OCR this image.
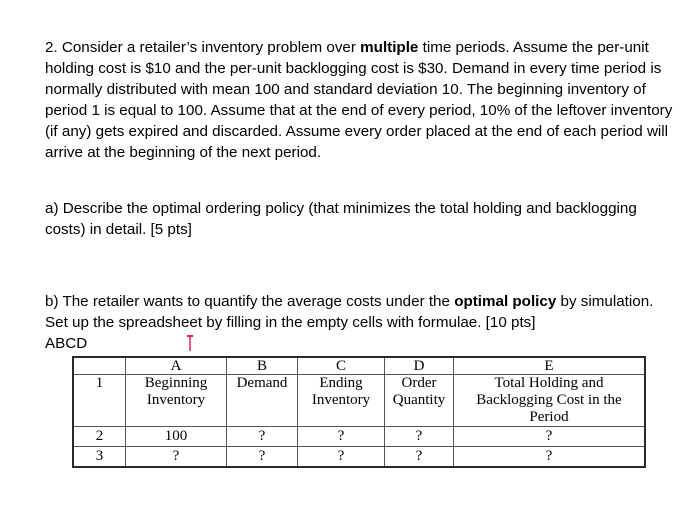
2. Consider a retailer’s inventory problem over multiple time periods. Assume the per-unit holding cost is $10 and the per-unit backlogging cost is $30. Demand in every time period is normally distributed with mean 100 and standard deviation 10. The beginning inventory of period 1 is equal to 100. Assume that at the end of every period, 10% of the leftover inventory (if any) gets expired and discarded. Assume every order placed at the end of each period will arrive at the beginning of the next period.

a) Describe the optimal ordering policy (that minimizes the total holding and backlogging costs) in detail. [5 pts]

b) The retailer wants to quantify the average costs under the optimal policy by simulation. Set up the spreadsheet by filling in the empty cells with formulae. [10 pts]

ABCD

	A	B	C	D	E
1	Beginning Inventory	Demand	Ending Inventory	Order Quantity	Total Holding and Backlogging Cost in the Period
2	100	?	?	?	?
3	?	?	?	?	?
